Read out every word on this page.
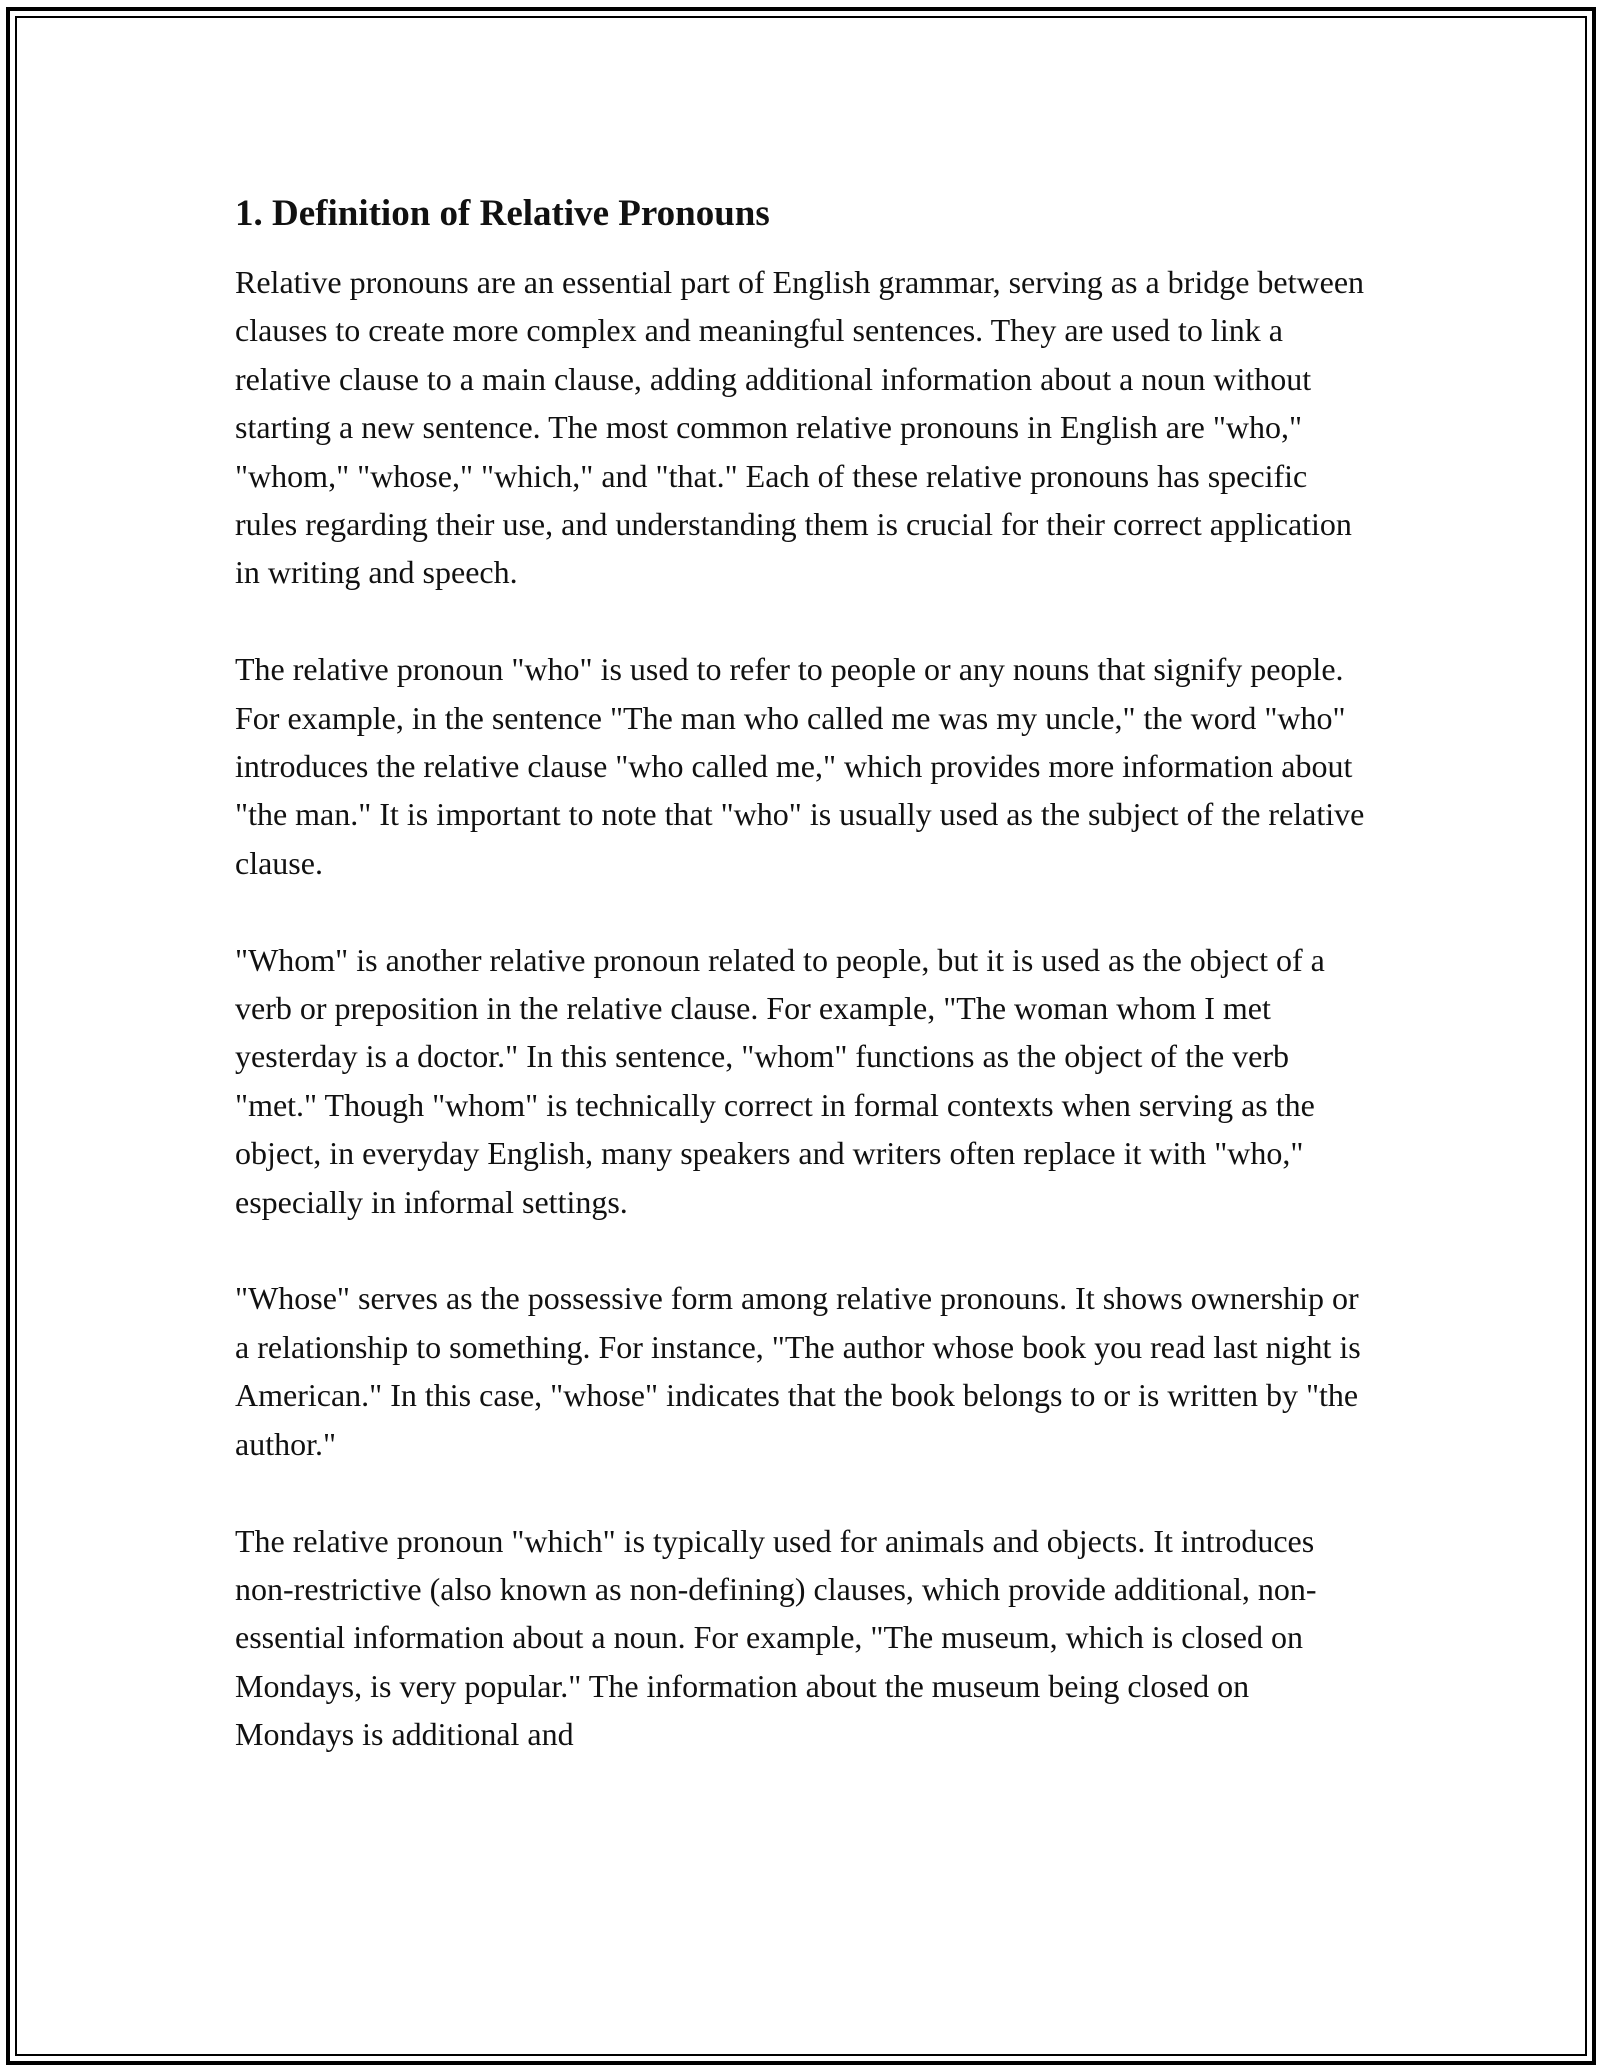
1. Definition of Relative Pronouns

Relative pronouns are an essential part of English grammar, serving as a bridge between clauses to create more complex and meaningful sentences. They are used to link a relative clause to a main clause, adding additional information about a noun without starting a new sentence. The most common relative pronouns in English are "who," "whom," "whose," "which," and "that." Each of these relative pronouns has specific rules regarding their use, and understanding them is crucial for their correct application in writing and speech.

The relative pronoun "who" is used to refer to people or any nouns that signify people. For example, in the sentence "The man who called me was my uncle," the word "who" introduces the relative clause "who called me," which provides more information about "the man." It is important to note that "who" is usually used as the subject of the relative clause.

"Whom" is another relative pronoun related to people, but it is used as the object of a verb or preposition in the relative clause. For example, "The woman whom I met yesterday is a doctor." In this sentence, "whom" functions as the object of the verb "met." Though "whom" is technically correct in formal contexts when serving as the object, in everyday English, many speakers and writers often replace it with "who," especially in informal settings.

"Whose" serves as the possessive form among relative pronouns. It shows ownership or a relationship to something. For instance, "The author whose book you read last night is American." In this case, "whose" indicates that the book belongs to or is written by "the author."

The relative pronoun "which" is typically used for animals and objects. It introduces non-restrictive (also known as non-defining) clauses, which provide additional, non-essential information about a noun. For example, "The museum, which is closed on Mondays, is very popular." The information about the museum being closed on Mondays is additional and
